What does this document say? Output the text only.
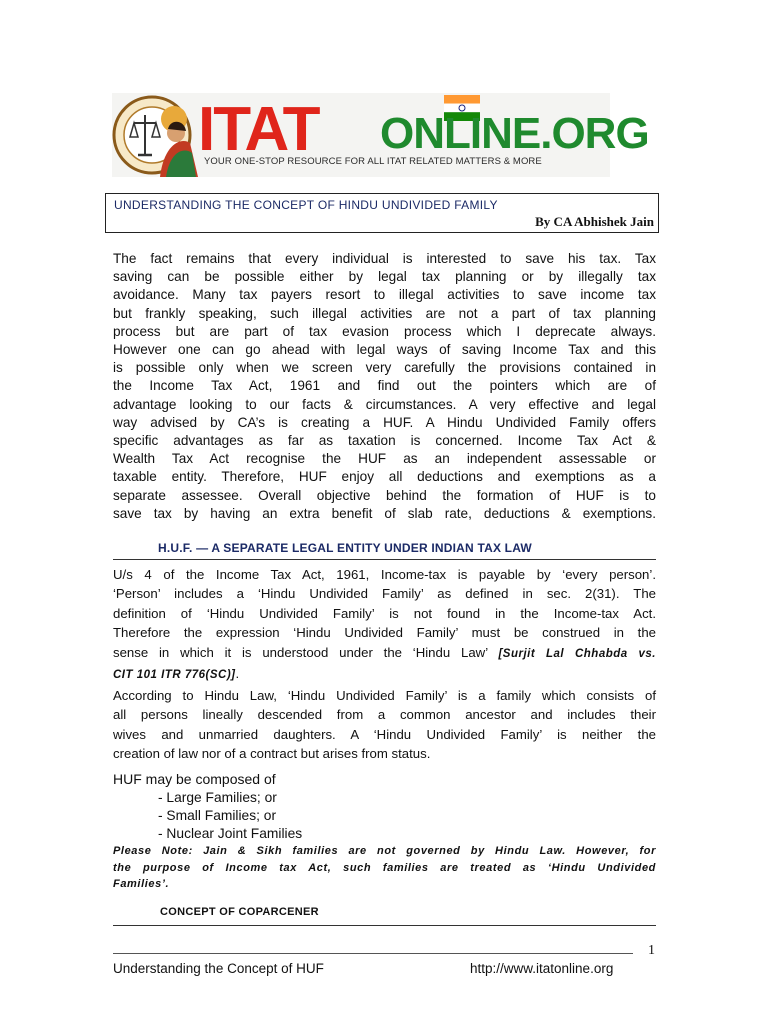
ITAT ONLINE.ORG
YOUR ONE-STOP RESOURCE FOR ALL ITAT RELATED MATTERS & MORE
UNDERSTANDING THE CONCEPT OF HINDU UNDIVIDED FAMILY
By CA Abhishek Jain
The fact remains that every individual is interested to save his tax. Tax
saving can be possible either by legal tax planning or by illegally tax
avoidance. Many tax payers resort to illegal activities to save income tax
but frankly speaking, such illegal activities are not a part of tax planning
process but are part of tax evasion process which I deprecate always.
However one can go ahead with legal ways of saving Income Tax and this
is possible only when we screen very carefully the provisions contained in
the Income Tax Act, 1961 and find out the pointers which are of
advantage looking to our facts & circumstances. A very effective and legal
way advised by CA’s is creating a HUF. A Hindu Undivided Family offers
specific advantages as far as taxation is concerned. Income Tax Act &
Wealth Tax Act recognise the HUF as an independent assessable or
taxable entity. Therefore, HUF enjoy all deductions and exemptions as a
separate assessee. Overall objective behind the formation of HUF is to
save tax by having an extra benefit of slab rate, deductions & exemptions.
H.U.F. — A SEPARATE LEGAL ENTITY UNDER INDIAN TAX LAW
U/s 4 of the Income Tax Act, 1961, Income-tax is payable by ‘every person’.
‘Person’ includes a ‘Hindu Undivided Family’ as defined in sec. 2(31). The
definition of ‘Hindu Undivided Family’ is not found in the Income-tax Act.
Therefore the expression ‘Hindu Undivided Family’ must be construed in the
sense in which it is understood under the ‘Hindu Law’ [Surjit Lal Chhabda vs.
CIT 101 ITR 776(SC)].
According to Hindu Law, ‘Hindu Undivided Family’ is a family which consists of
all persons lineally descended from a common ancestor and includes their
wives and unmarried daughters. A ‘Hindu Undivided Family’ is neither the
creation of law nor of a contract but arises from status.
HUF may be composed of
- Large Families; or
- Small Families; or
- Nuclear Joint Families
Please Note: Jain & Sikh families are not governed by Hindu Law. However, for
the purpose of Income tax Act, such families are treated as ‘Hindu Undivided
Families’.
CONCEPT OF COPARCENER
1
Understanding the Concept of HUF	http://www.itatonline.org
